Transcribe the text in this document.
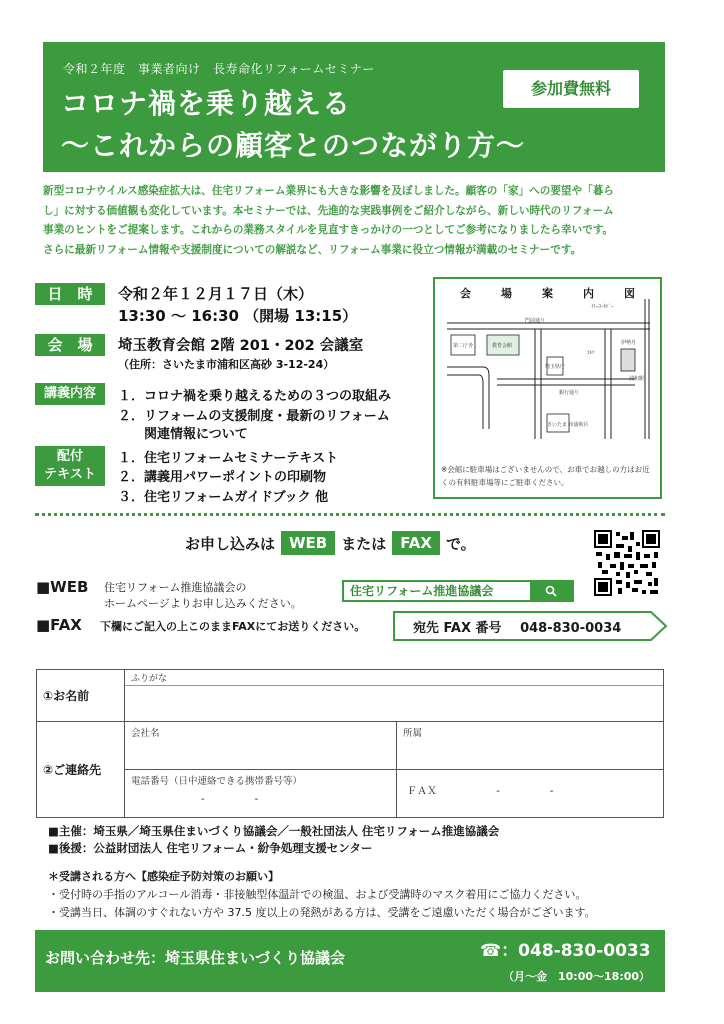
令和２年度　事業者向け　長寿命化リフォームセミナー
コロナ禍を乗り越える
～これからの顧客とのつながり方～
参加費無料
新型コロナウイルス感染症拡大は、住宅リフォーム業界にも大きな影響を及ぼしました。顧客の「家」への要望や「暮ら
し」に対する価値観も変化しています。本セミナーでは、先進的な実践事例をご紹介しながら、新しい時代のリフォーム
事業のヒントをご提案します。これからの業務スタイルを見直すきっかけの一つとしてご参考になりましたら幸いです。
さらに最新リフォーム情報や支援制度についての解説など、リフォーム事業に役立つ情報が満載のセミナーです。
日　時	令和２年１２月１７日（木）
13:30 ～ 16:30 （開場 13:15）
会　場	埼玉教育会館 2階 201・202 会議室
（住所：さいたま市浦和区高砂 3-12-24）
講義内容	１．コロナ禍を乗り越えるための３つの取組み
２．リフォームの支援制度・最新のリフォーム
　　関連情報について
配付
テキスト
１．住宅リフォームセミナーテキスト
２．講義用パワーポイントの印刷物
３．住宅リフォームガイドブック 他
会	場	案	内	図
ｲﾄｰﾖｰｶﾄﾞｰ
門前通り
第二庁舎	教育会館
埼玉県庁
銀行通り
さいたま 市浦和区
ｺﾙｿ
伊勢丹
浦和駅
※会館に駐車場はございませんので、お車でお越しの方はお近くの有料駐車場等にご駐車ください。
お申し込みは WEB または FAX で。
■WEB 住宅リフォーム推進協議会の
ホームページよりお申し込みください。
住宅リフォーム推進協議会
■FAX 下欄にご記入の上このままFAXにてお送りください。	宛先 FAX 番号 048-830-0034
①お名前	ふりがな	

②ご連絡先	会社名	所属

	電話番号（日中連絡できる携帯番号等）
-　　　　　-	ＦＡＸ -　　　　　-
■主催：埼玉県／埼玉県住まいづくり協議会／一般社団法人 住宅リフォーム推進協議会
■後援：公益財団法人 住宅リフォーム・紛争処理支援センター
＊受講される方へ【感染症予防対策のお願い】
・受付時の手指のアルコール消毒・非接触型体温計での検温、および受講時のマスク着用にご協力ください。
・受講当日、体調のすぐれない方や 37.5 度以上の発熱がある方は、受講をご遠慮いただく場合がございます。
お問い合わせ先：埼玉県住まいづくり協議会	☎：048-830-0033
（月～金　10:00～18:00）
